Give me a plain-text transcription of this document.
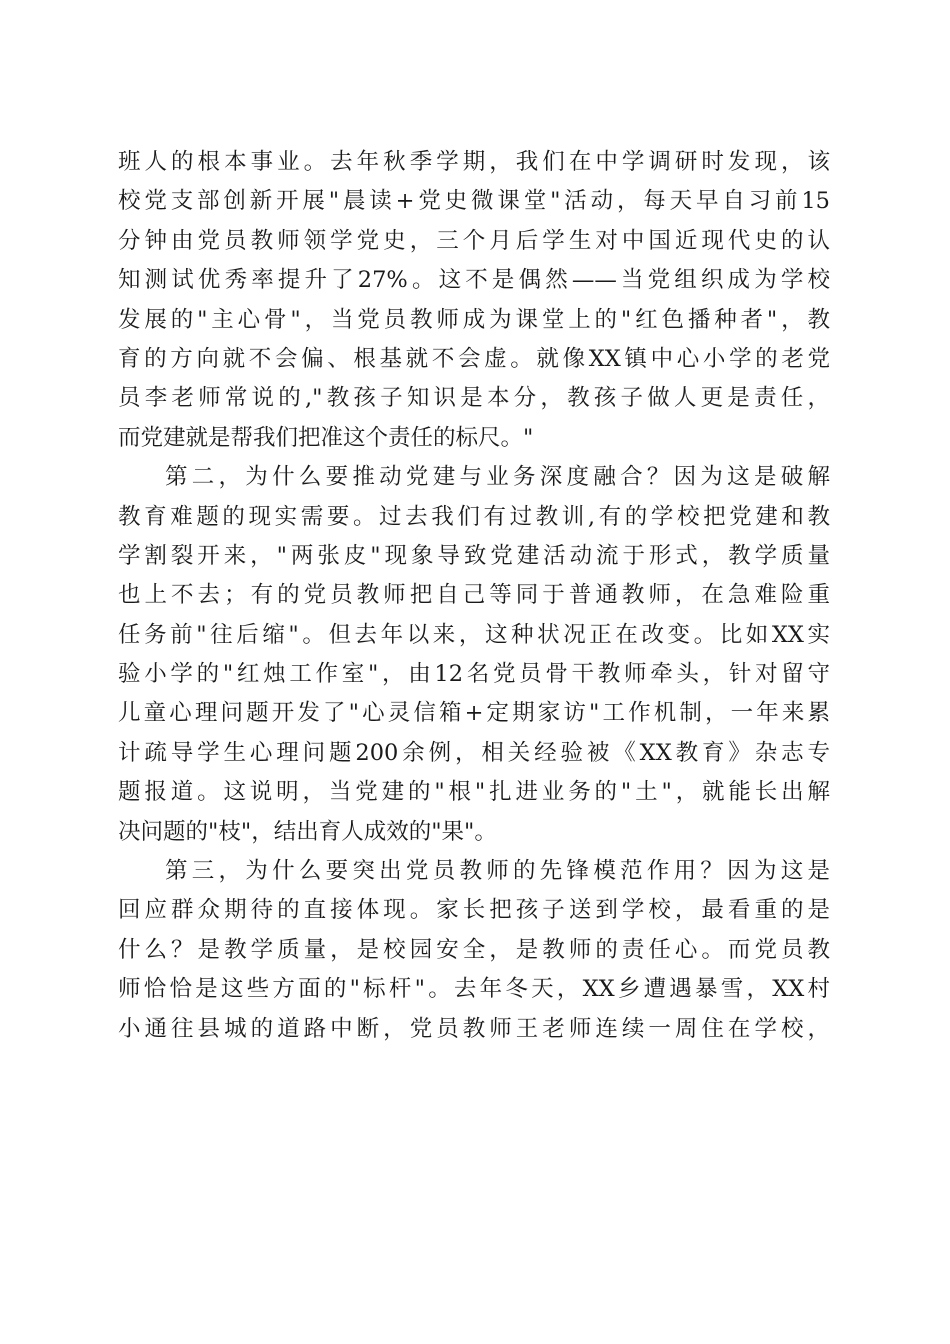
班人的根本事业。去年秋季学期，我们在中学调研时发现，该
校党支部创新开展"晨读+党史微课堂"活动，每天早自习前15
分钟由党员教师领学党史，三个月后学生对中国近现代史的认
知测试优秀率提升了27%。这不是偶然——当党组织成为学校
发展的"主心骨"，当党员教师成为课堂上的"红色播种者"，教
育的方向就不会偏、根基就不会虚。就像XX镇中心小学的老党
员李老师常说的,"教孩子知识是本分，教孩子做人更是责任，
而党建就是帮我们把准这个责任的标尺。"
第二，为什么要推动党建与业务深度融合？因为这是破解
教育难题的现实需要。过去我们有过教训,有的学校把党建和教
学割裂开来，"两张皮"现象导致党建活动流于形式，教学质量
也上不去；有的党员教师把自己等同于普通教师，在急难险重
任务前"往后缩"。但去年以来，这种状况正在改变。比如XX实
验小学的"红烛工作室"，由12名党员骨干教师牵头，针对留守
儿童心理问题开发了"心灵信箱+定期家访"工作机制，一年来累
计疏导学生心理问题200余例，相关经验被《XX教育》杂志专
题报道。这说明，当党建的"根"扎进业务的"土"，就能长出解
决问题的"枝"，结出育人成效的"果"。
第三，为什么要突出党员教师的先锋模范作用？因为这是
回应群众期待的直接体现。家长把孩子送到学校，最看重的是
什么？是教学质量，是校园安全，是教师的责任心。而党员教
师恰恰是这些方面的"标杆"。去年冬天，XX乡遭遇暴雪，XX村
小通往县城的道路中断，党员教师王老师连续一周住在学校，
